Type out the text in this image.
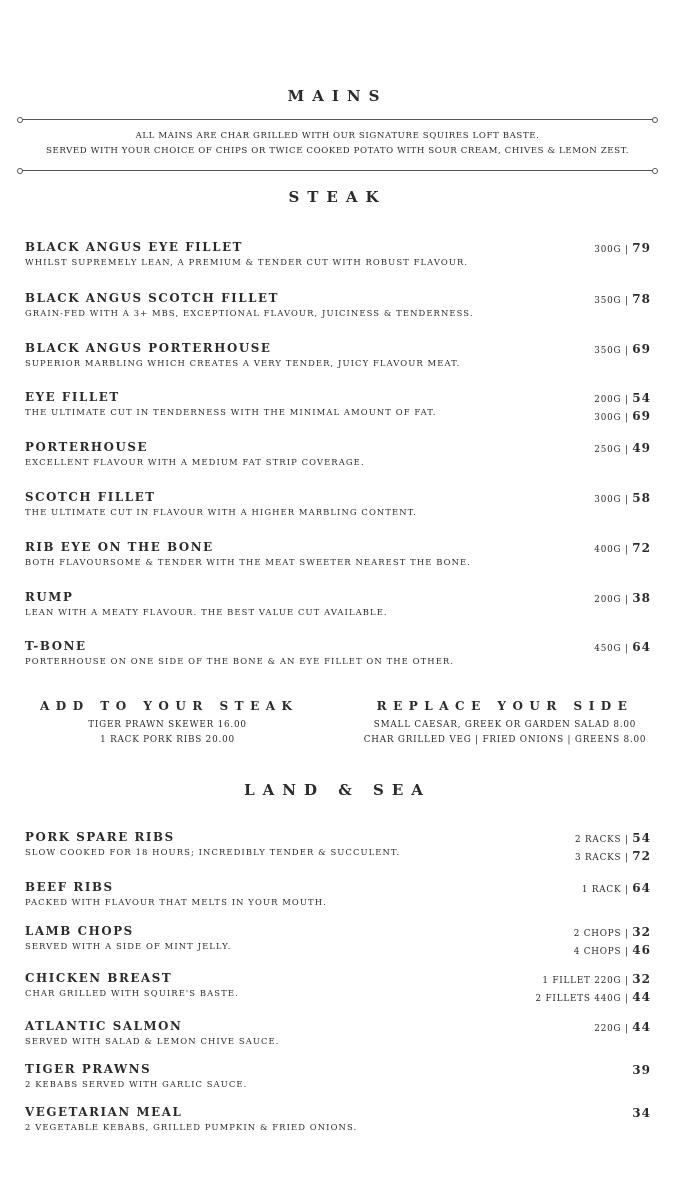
MAINS
ALL MAINS ARE CHAR GRILLED WITH OUR SIGNATURE SQUIRES LOFT BASTE.
SERVED WITH YOUR CHOICE OF CHIPS OR TWICE COOKED POTATO WITH SOUR CREAM, CHIVES & LEMON ZEST.
STEAK
BLACK ANGUS EYE FILLET
WHILST SUPREMELY LEAN, A PREMIUM & TENDER CUT WITH ROBUST FLAVOUR.
300G | 79
BLACK ANGUS SCOTCH FILLET
GRAIN-FED WITH A 3+ MBS, EXCEPTIONAL FLAVOUR, JUICINESS & TENDERNESS.
350G | 78
BLACK ANGUS PORTERHOUSE
SUPERIOR MARBLING WHICH CREATES A VERY TENDER, JUICY FLAVOUR MEAT.
350G | 69
EYE FILLET
THE ULTIMATE CUT IN TENDERNESS WITH THE MINIMAL AMOUNT OF FAT.
200G | 54
300G | 69
PORTERHOUSE
EXCELLENT FLAVOUR WITH A MEDIUM FAT STRIP COVERAGE.
250G | 49
SCOTCH FILLET
THE ULTIMATE CUT IN FLAVOUR WITH A HIGHER MARBLING CONTENT.
300G | 58
RIB EYE ON THE BONE
BOTH FLAVOURSOME & TENDER WITH THE MEAT SWEETER NEAREST THE BONE.
400G | 72
RUMP
LEAN WITH A MEATY FLAVOUR. THE BEST VALUE CUT AVAILABLE.
200G | 38
T-BONE
PORTERHOUSE ON ONE SIDE OF THE BONE & AN EYE FILLET ON THE OTHER.
450G | 64
ADD TO YOUR STEAK
TIGER PRAWN SKEWER 16.00
1 RACK PORK RIBS 20.00
REPLACE YOUR SIDE
SMALL CAESAR, GREEK OR GARDEN SALAD 8.00
CHAR GRILLED VEG | FRIED ONIONS | GREENS 8.00
LAND & SEA
PORK SPARE RIBS
SLOW COOKED FOR 18 HOURS; INCREDIBLY TENDER & SUCCULENT.
2 RACKS | 54
3 RACKS | 72
BEEF RIBS
PACKED WITH FLAVOUR THAT MELTS IN YOUR MOUTH.
1 RACK | 64
LAMB CHOPS
SERVED WITH A SIDE OF MINT JELLY.
2 CHOPS | 32
4 CHOPS | 46
CHICKEN BREAST
CHAR GRILLED WITH SQUIRE'S BASTE.
1 FILLET 220G | 32
2 FILLETS 440G | 44
ATLANTIC SALMON
SERVED WITH SALAD & LEMON CHIVE SAUCE.
220G | 44
TIGER PRAWNS
2 KEBABS SERVED WITH GARLIC SAUCE.
39
VEGETARIAN MEAL
2 VEGETABLE KEBABS, GRILLED PUMPKIN & FRIED ONIONS.
34
